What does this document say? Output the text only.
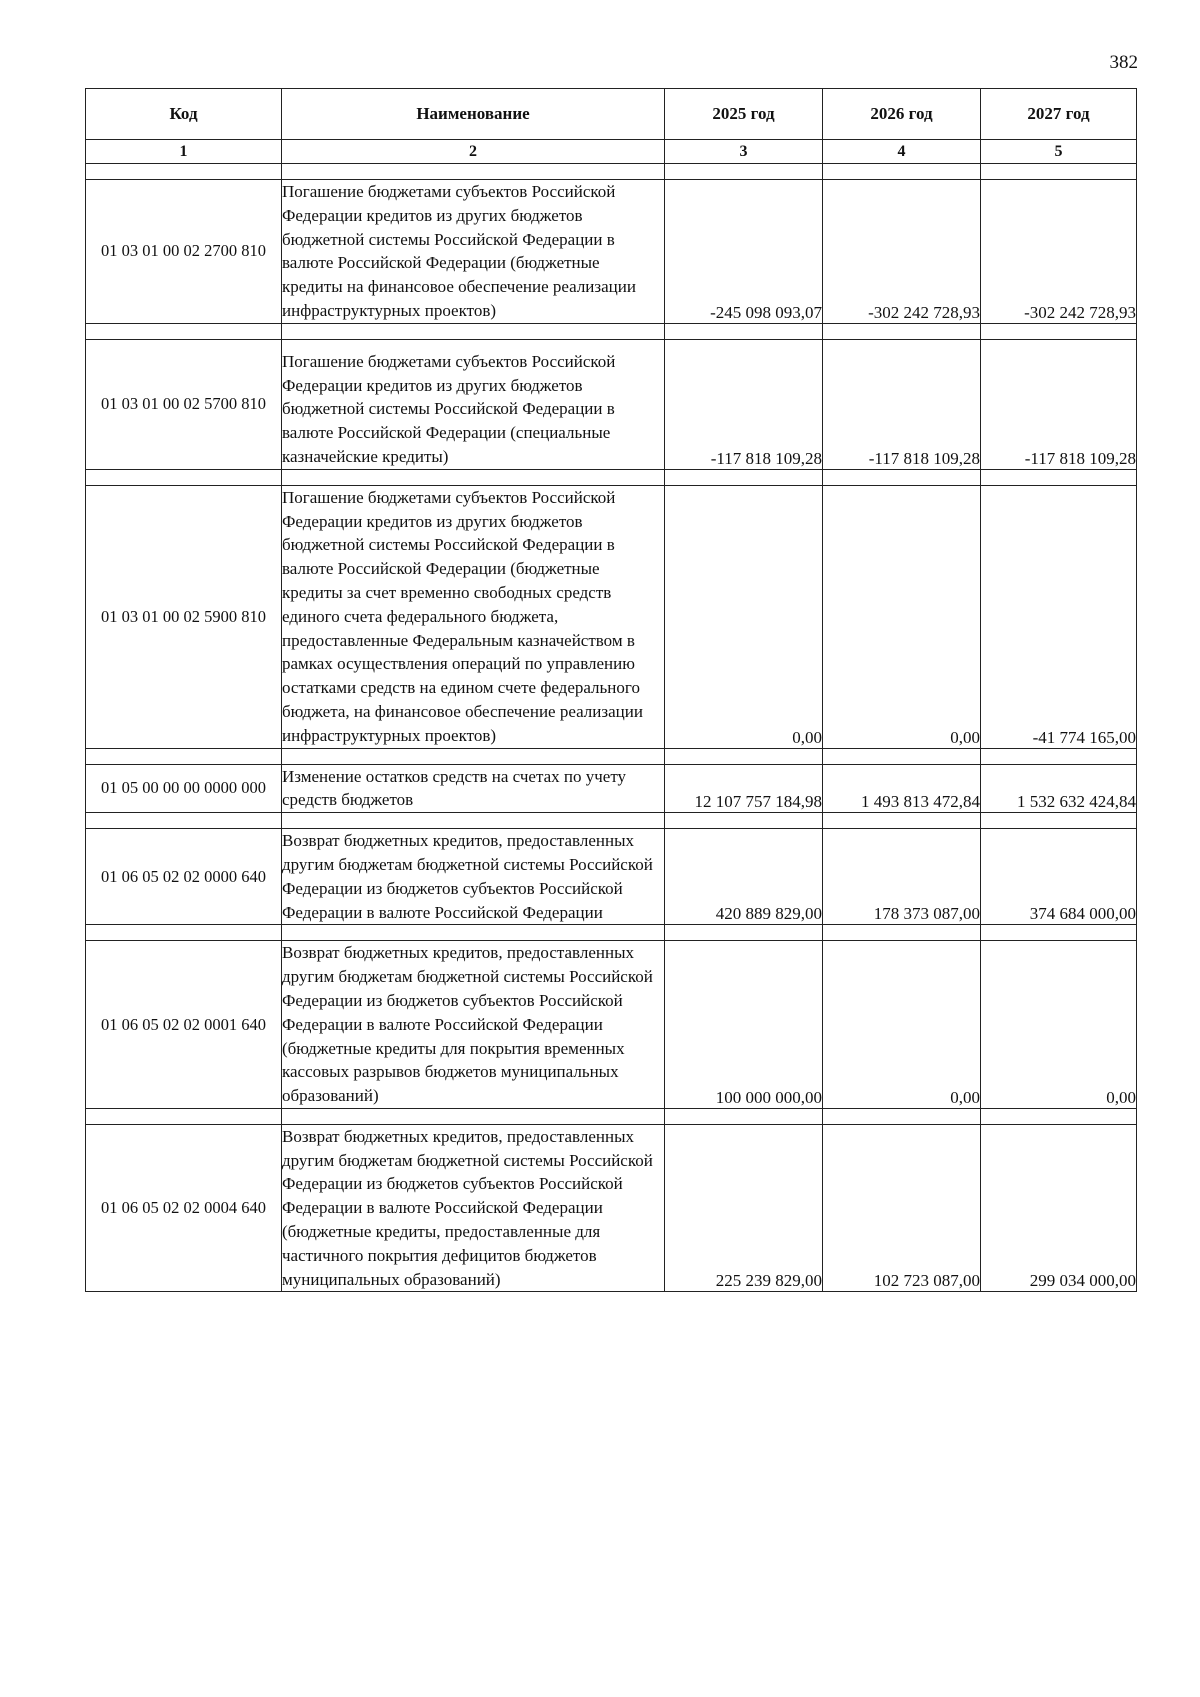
382
Код	Наименование	2025 год	2026 год	2027 год
1	2	3	4	5

01 03 01 00 02 2700 810	Погашение бюджетами субъектов Российской Федерации кредитов из других бюджетов бюджетной системы Российской Федерации в валюте Российской Федерации (бюджетные кредиты на финансовое обеспечение реализации инфраструктурных проектов)	-245 098 093,07	-302 242 728,93	-302 242 728,93

01 03 01 00 02 5700 810	Погашение бюджетами субъектов Российской Федерации кредитов из других бюджетов бюджетной системы Российской Федерации в валюте Российской Федерации (специальные казначейские кредиты)	-117 818 109,28	-117 818 109,28	-117 818 109,28

01 03 01 00 02 5900 810	Погашение бюджетами субъектов Российской Федерации кредитов из других бюджетов бюджетной системы Российской Федерации в валюте Российской Федерации (бюджетные кредиты за счет временно свободных средств единого счета федерального бюджета, предоставленные Федеральным казначейством в рамках осуществления операций по управлению остатками средств на едином счете федерального бюджета, на финансовое обеспечение реализации инфраструктурных проектов)	0,00	0,00	-41 774 165,00

01 05 00 00 00 0000 000	Изменение остатков средств на счетах по учету средств бюджетов	12 107 757 184,98	1 493 813 472,84	1 532 632 424,84

01 06 05 02 02 0000 640	Возврат бюджетных кредитов, предоставленных другим бюджетам бюджетной системы Российской Федерации из бюджетов субъектов Российской Федерации в валюте Российской Федерации	420 889 829,00	178 373 087,00	374 684 000,00

01 06 05 02 02 0001 640	Возврат бюджетных кредитов, предоставленных другим бюджетам бюджетной системы Российской Федерации из бюджетов субъектов Российской Федерации в валюте Российской Федерации (бюджетные кредиты для покрытия временных кассовых разрывов бюджетов муниципальных образований)	100 000 000,00	0,00	0,00

01 06 05 02 02 0004 640	Возврат бюджетных кредитов, предоставленных другим бюджетам бюджетной системы Российской Федерации из бюджетов субъектов Российской Федерации в валюте Российской Федерации (бюджетные кредиты, предоставленные для частичного покрытия дефицитов бюджетов муниципальных образований)	225 239 829,00	102 723 087,00	299 034 000,00
